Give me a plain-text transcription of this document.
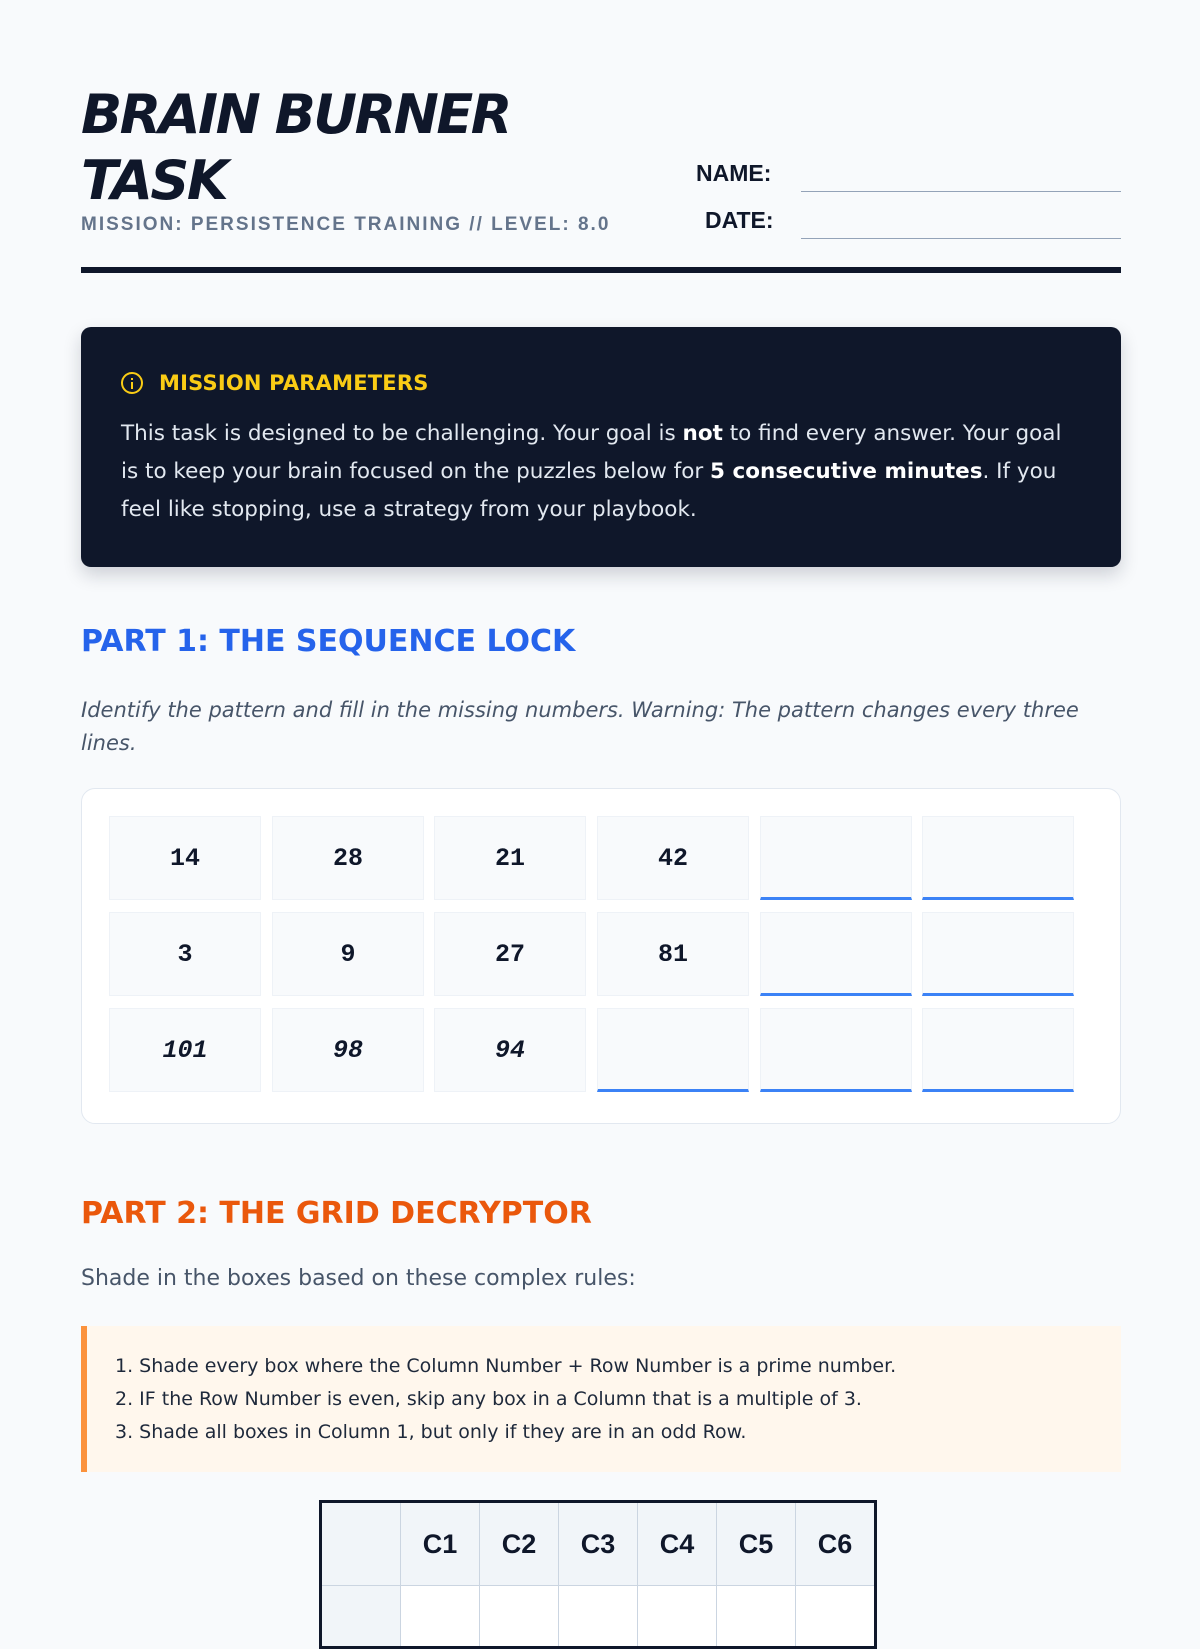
BRAIN BURNER
TASK
MISSION: PERSISTENCE TRAINING // LEVEL: 8.0
NAME:
DATE:
MISSION PARAMETERS

This task is designed to be challenging. Your goal is not to find every answer. Your goal is to keep your brain focused on the puzzles below for 5 consecutive minutes. If you feel like stopping, use a strategy from your playbook.

PART 1: THE SEQUENCE LOCK

Identify the pattern and fill in the missing numbers. Warning: The pattern changes every three lines.

14	28	21	42
3	9	27	81
101	98	94
PART 2: THE GRID DECRYPTOR

Shade in the boxes based on these complex rules:

1. Shade every box where the Column Number + Row Number is a prime number.
2. IF the Row Number is even, skip any box in a Column that is a multiple of 3.
3. Shade all boxes in Column 1, but only if they are in an odd Row.
	C1	C2	C3	C4	C5	C6
